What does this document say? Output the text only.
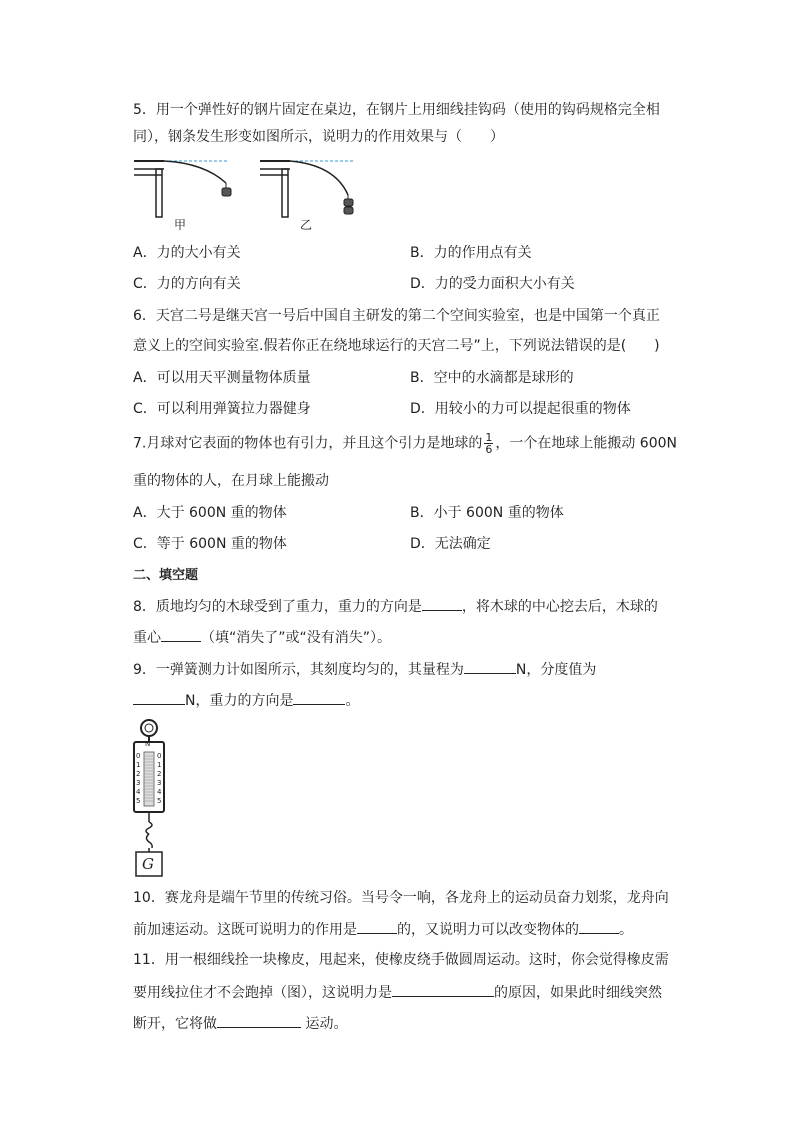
5．用一个弹性好的钢片固定在桌边，在钢片上用细线挂钩码（使用的钩码规格完全相
同），钢条发生形变如图所示，说明力的作用效果与（　　）
甲	乙
A．力的大小有关	B．力的作用点有关
C．力的方向有关	D．力的受力面积大小有关
6．天宫二号是继天宫一号后中国自主研发的第二个空间实验室，也是中国第一个真正
意义上的空间实验室.假若你正在绕地球运行的天宫二号”上，下列说法错误的是(　　)
A．可以用天平测量物体质量	B．空中的水滴都是球形的
C．可以利用弹簧拉力器健身	D．用较小的力可以提起很重的物体
7.月球对它表面的物体也有引力，并且这个引力是地球的 $\frac{1}{6}$ ，一个在地球上能搬动 600N
重的物体的人，在月球上能搬动
A．大于 600N 重的物体	B．小于 600N 重的物体
C．等于 600N 重的物体	D．无法确定
二、填空题
8．质地均匀的木球受到了重力，重力的方向是	，将木球的中心挖去后，木球的
重心	（填“消失了”或“没有消失”）。
9．一弹簧测力计如图所示，其刻度均匀的，其量程为	N，分度值为
N，重力的方向是	。
N
0
1
2
3
4
5
0
1
2
3
4
5
G
10．赛龙舟是端午节里的传统习俗。当号令一响，各龙舟上的运动员奋力划浆，龙舟向
前加速运动。这既可说明力的作用是	的，又说明力可以改变物体的	。
11．用一根细线拴一块橡皮，甩起来，使橡皮绕手做圆周运动。这时，你会觉得橡皮需
要用线拉住才不会跑掉（图），这说明力是	的原因，如果此时细线突然
断开，它将做	运动。
